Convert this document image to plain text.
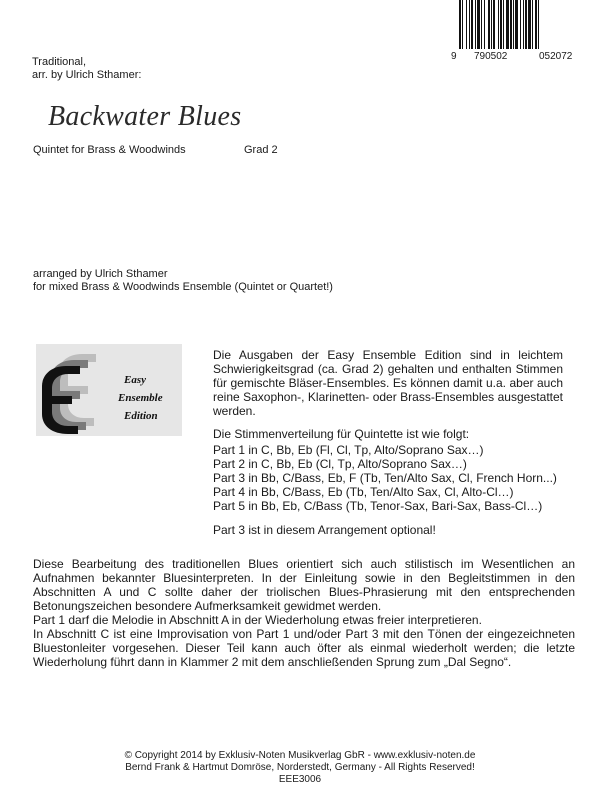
9 790502	052072
Traditional,
arr. by Ulrich Sthamer:
Backwater Blues
Quintet for Brass & Woodwinds	Grad 2
arranged by Ulrich Sthamer
for mixed Brass & Woodwinds Ensemble (Quintet or Quartet!)
Easy
Ensemble
Edition
Die Ausgaben der Easy Ensemble Edition sind in leichtem Schwierigkeitsgrad (ca. Grad 2) gehalten und enthalten Stimmen für gemischte Bläser-Ensembles. Es können damit u.a. aber auch reine Saxophon-, Klarinetten- oder Brass-Ensembles ausgestattet werden.
Die Stimmenverteilung für Quintette ist wie folgt:
Part 1 in C, Bb, Eb (Fl, Cl, Tp, Alto/Soprano Sax…)
Part 2 in C, Bb, Eb (Cl, Tp, Alto/Soprano Sax…)
Part 3 in Bb, C/Bass, Eb, F (Tb, Ten/Alto Sax, Cl, French Horn...)
Part 4 in Bb, C/Bass, Eb (Tb, Ten/Alto Sax, Cl, Alto-Cl…)
Part 5 in Bb, Eb, C/Bass (Tb, Tenor-Sax, Bari-Sax, Bass-Cl…)
Part 3 ist in diesem Arrangement optional!

Diese Bearbeitung des traditionellen Blues orientiert sich auch stilistisch im Wesentlichen an Aufnahmen bekannter Bluesinterpreten. In der Einleitung sowie in den Begleitstimmen in den Abschnitten A und C sollte daher der triolischen Blues-Phrasierung mit den entsprechenden Betonungszeichen besondere Aufmerksamkeit gewidmet werden.

Part 1 darf die Melodie in Abschnitt A in der Wiederholung etwas freier interpretieren.

In Abschnitt C ist eine Improvisation von Part 1 und/oder Part 3 mit den Tönen der eingezeichneten Bluestonleiter vorgesehen. Dieser Teil kann auch öfter als einmal wiederholt werden; die letzte Wiederholung führt dann in Klammer 2 mit dem anschließenden Sprung zum „Dal Segno“.

© Copyright 2014 by Exklusiv-Noten Musikverlag GbR - www.exklusiv-noten.de
Bernd Frank & Hartmut Domröse, Norderstedt, Germany - All Rights Reserved!
EEE3006
